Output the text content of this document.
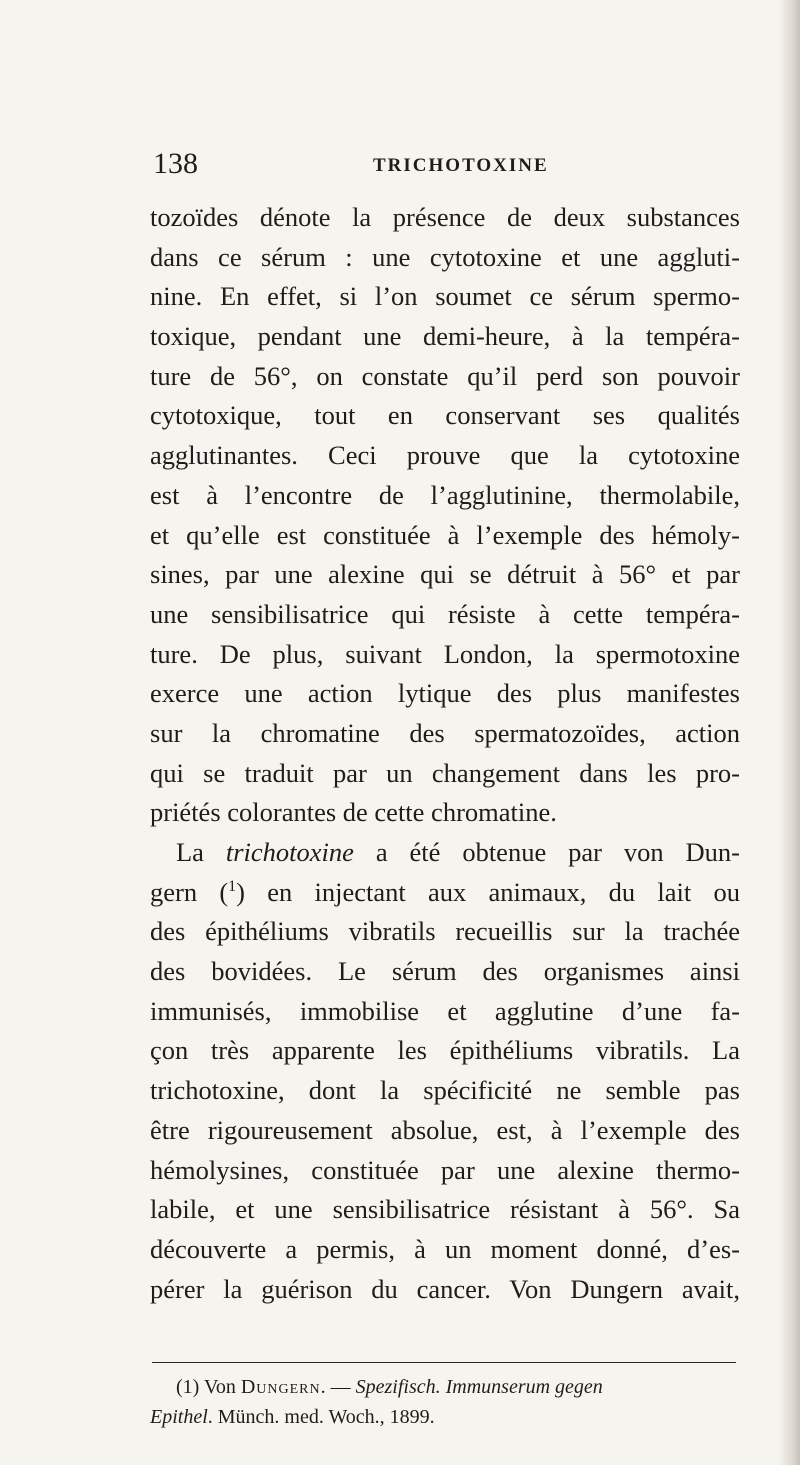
138	TRICHOTOXINE
tozoïdes dénote la présence de deux substances
dans ce sérum : une cytotoxine et une aggluti-
nine. En effet, si l’on soumet ce sérum spermo-
toxique, pendant une demi-heure, à la tempéra-
ture de 56°, on constate qu’il perd son pouvoir
cytotoxique, tout en conservant ses qualités
agglutinantes. Ceci prouve que la cytotoxine
est à l’encontre de l’agglutinine, thermolabile,
et qu’elle est constituée à l’exemple des hémoly-
sines, par une alexine qui se détruit à 56° et par
une sensibilisatrice qui résiste à cette tempéra-
ture. De plus, suivant London, la spermotoxine
exerce une action lytique des plus manifestes
sur la chromatine des spermatozoïdes, action
qui se traduit par un changement dans les pro-
priétés colorantes de cette chromatine.
La trichotoxine a été obtenue par von Dun-
gern ($^1$) en injectant aux animaux, du lait ou
des épithéliums vibratils recueillis sur la trachée
des bovidées. Le sérum des organismes ainsi
immunisés, immobilise et agglutine d’une fa-
çon très apparente les épithéliums vibratils. La
trichotoxine, dont la spécificité ne semble pas
être rigoureusement absolue, est, à l’exemple des
hémolysines, constituée par une alexine thermo-
labile, et une sensibilisatrice résistant à 56°. Sa
découverte a permis, à un moment donné, d’es-
pérer la guérison du cancer. Von Dungern avait,
(1) Von Dungern. — Spezifisch. Immunserum gegen
Epithel. Münch. med. Woch., 1899.
